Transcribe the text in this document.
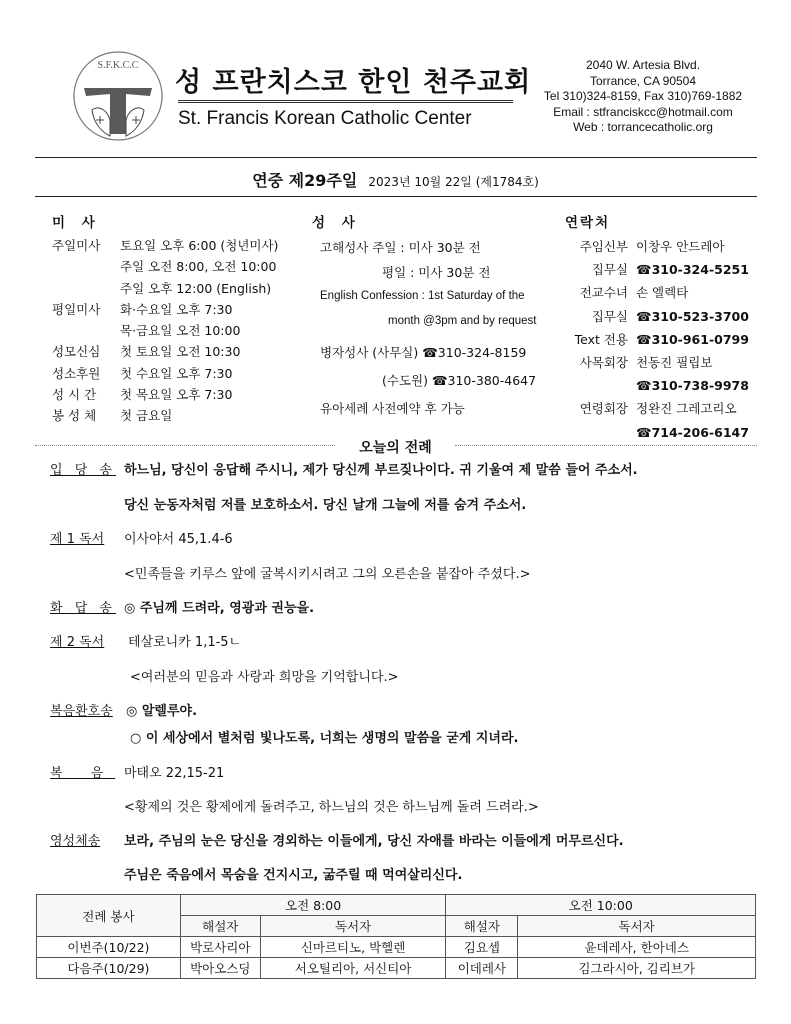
S.F.K.C.C
성 프란치스코 한인 천주교회
St. Francis Korean Catholic Center
2040 W. Artesia Blvd.
Torrance, CA 90504
Tel 310)324-8159, Fax 310)769-1882
Email : stfranciskcc@hotmail.com
Web : torrancecatholic.org
연중 제29주일 2023년 10월 22일 (제1784호)
미 사
주일미사 토요일 오후 6:00 (청년미사)
주일 오전 8:00, 오전 10:00
주일 오후 12:00 (English)
평일미사 화·수요일 오후 7:30
목·금요일 오전 10:00
성모신심 첫 토요일 오전 10:30
성소후원 첫 수요일 오후 7:30
성 시 간 첫 목요일 오후 7:30
봉 성 체 첫 금요일
성 사
고해성사 주일 : 미사 30분 전
평일 : 미사 30분 전
English Confession : 1st Saturday of the
month @3pm and by request
병자성사 (사무실) ☎310-324-8159
(수도원) ☎310-380-4647
유아세례 사전예약 후 가능
연락처
주임신부 이창우 안드레아
집무실 ☎310-324-5251
전교수녀 손 엘렉타
집무실 ☎310-523-3700
Text 전용 ☎310-961-0799
사목회장 천동진 필립보
☎310-738-9978
연령회장 정완진 그레고리오
☎714-206-6147
오늘의 전례
입 당 송 하느님, 당신이 응답해 주시니, 제가 당신께 부르짖나이다. 귀 기울여 제 말씀 들어 주소서.
당신 눈동자처럼 저를 보호하소서. 당신 날개 그늘에 저를 숨겨 주소서.
제 1 독서 이사야서 45,1.4-6
<민족들을 키루스 앞에 굴복시키시려고 그의 오른손을 붙잡아 주셨다.>
화 답 송 ◎ 주님께 드려라, 영광과 권능을.
제 2 독서 테살로니카 1,1-5ㄴ
<여러분의 믿음과 사랑과 희망을 기억합니다.>
복음환호송 ◎ 알렐루야.
○ 이 세상에서 별처럼 빛나도록, 너희는 생명의 말씀을 굳게 지녀라.
복 음 마태오 22,15-21
<황제의 것은 황제에게 돌려주고, 하느님의 것은 하느님께 돌려 드려라.>
영성체송 보라, 주님의 눈은 당신을 경외하는 이들에게, 당신 자애를 바라는 이들에게 머무르신다.
주님은 죽음에서 목숨을 건지시고, 굶주릴 때 먹여살리신다.
전례 봉사	오전 8:00		오전 10:00	
	해설자	독서자	해설자	독서자
이번주(10/22)	박로사리아	신마르티노, 박헬렌	김요셉	윤데레사, 한아네스
다음주(10/29)	박아오스딩	서오틸리아, 서신티아	이데레사	김그라시아, 김리브가
